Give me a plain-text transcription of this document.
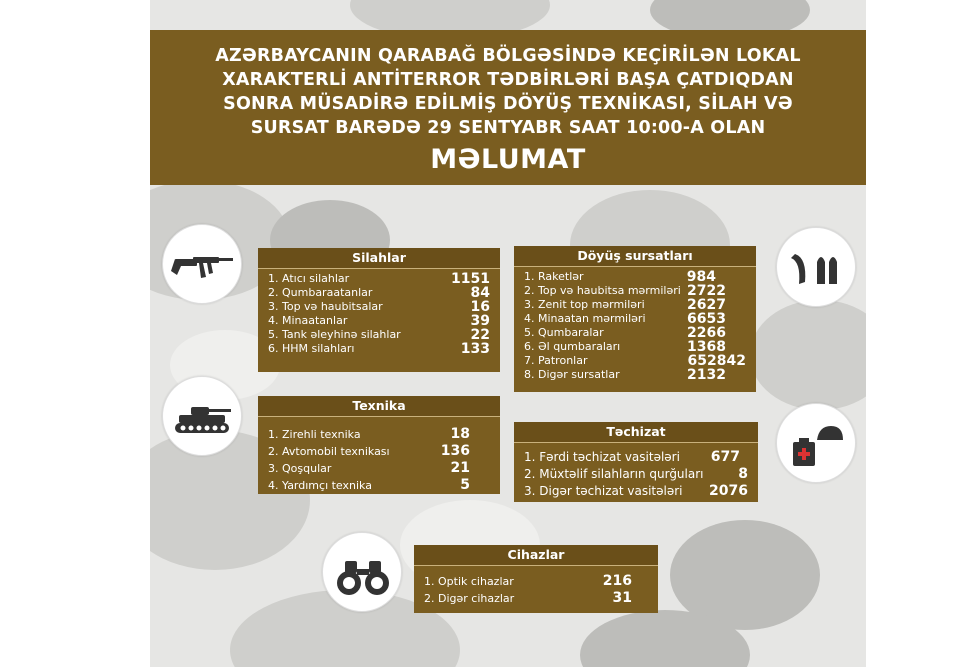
AZƏRBAYCANIN QARABAĞ BÖLGƏSİNDƏ KEÇİRİLƏN LOKAL
XARAKTERLİ ANTİTERROR TƏDBİRLƏRİ BAŞA ÇATDIQDAN
SONRA MÜSADİRƏ EDİLMİŞ DÖYÜŞ TEXNİKASI, SİLAH VƏ
SURSAT BARƏDƏ 29 SENTYABR SAAT 10:00-A OLAN
MƏLUMAT
Silahlar
1. Atıcı silahlar	1151
2. Qumbaraatanlar	84
3. Top və haubitsalar	16
4. Minaatanlar	39
5. Tank əleyhinə silahlar	22
6. HHM silahları	133
Döyüş sursatları
1. Raketlər	984
2. Top və haubitsa mərmiləri 2722
3. Zenit top mərmiləri	2627
4. Minaatan mərmiləri	6653
5. Qumbaralar	2266
6. Əl qumbaraları	1368
7. Patronlar	652842
8. Digər sursatlar	2132
Texnika
1. Zirehli texnika	18
2. Avtomobil texnikası	136
3. Qoşqular	21
4. Yardımçı texnika	5
Təchizat
1. Fərdi təchizat vasitələri 677
2. Müxtəlif silahların qurğuları 8
3. Digər təchizat vasitələri 2076
Cihazlar
1. Optik cihazlar	216
2. Digər cihazlar	31
